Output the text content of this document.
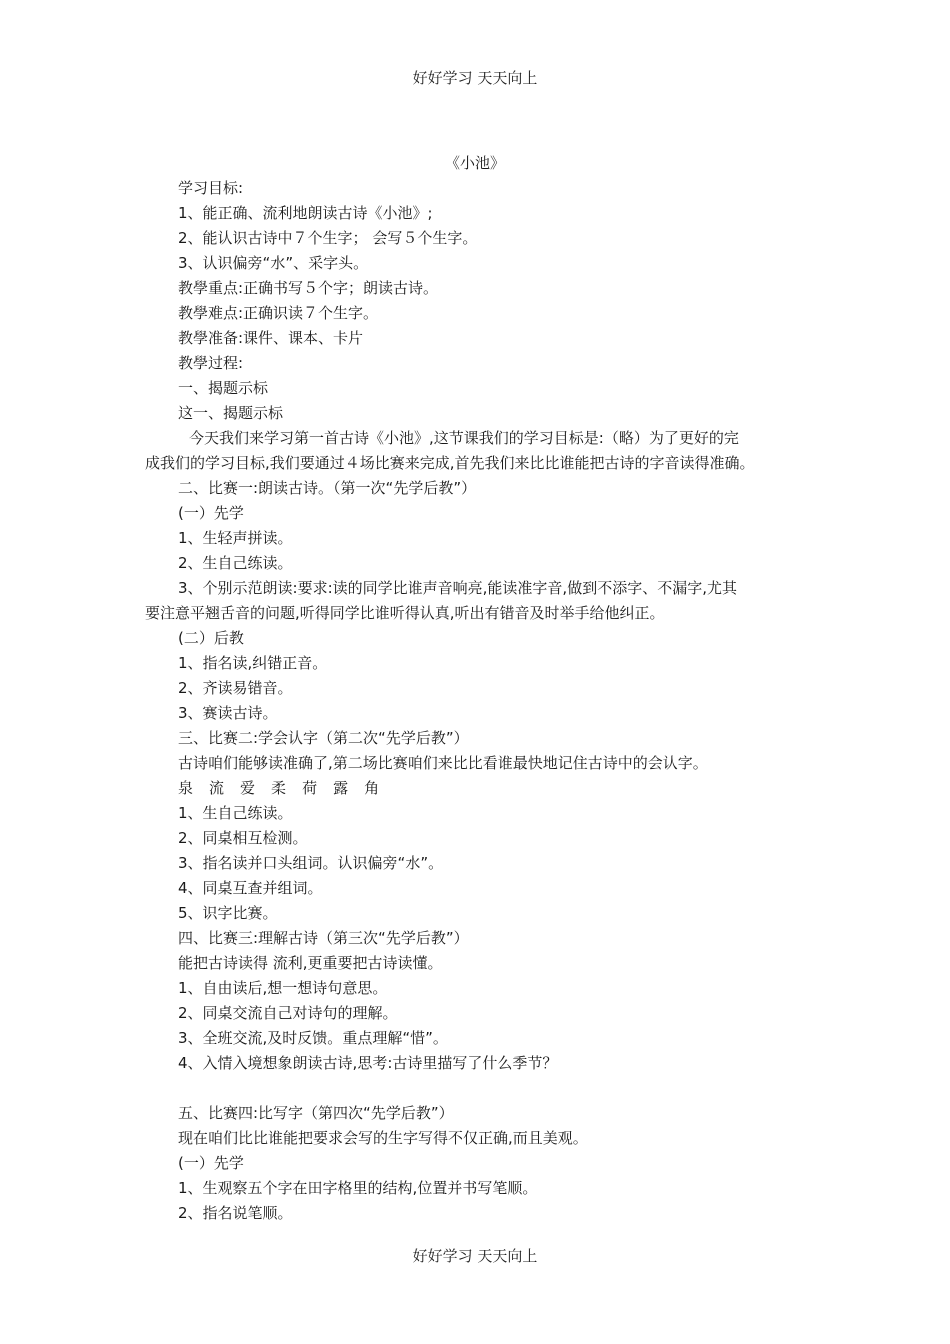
好好学习 天天向上
《小池》
学习目标:
1、能正确、流利地朗读古诗《小池》;
2、能认识古诗中７个生字； 会写５个生字。
3、认识偏旁“水”、采字头。
教學重点:正确书写５个字；朗读古诗。
教學难点:正确识读７个生字。
教學准备:课件、课本、卡片
教學过程:
一、揭题示标
这一、揭题示标
今天我们来学习第一首古诗《小池》,这节课我们的学习目标是:（略）为了更好的完
成我们的学习目标,我们要通过４场比赛来完成,首先我们来比比谁能把古诗的字音读得准确。
二、比赛一:朗读古诗。（第一次“先学后教”）
(一）先学
1、生轻声拼读。
2、生自己练读。
3、个别示范朗读:要求:读的同学比谁声音响亮,能读准字音,做到不添字、不漏字,尤其
要注意平翘舌音的问题,听得同学比谁听得认真,听出有错音及时举手给他纠正。
(二）后教
1、指名读,纠错正音。
2、齐读易错音。
3、赛读古诗。
三、比赛二:学会认字（第二次“先学后教”）
古诗咱们能够读准确了,第二场比赛咱们来比比看谁最快地记住古诗中的会认字。
泉 流 爱 柔 荷 露 角
1、生自己练读。
2、同桌相互检测。
3、指名读并口头组词。认识偏旁“水”。
4、同桌互查并组词。
5、识字比赛。
四、比赛三:理解古诗（第三次“先学后教”）
能把古诗读得 流利,更重要把古诗读懂。
1、自由读后,想一想诗句意思。
2、同桌交流自己对诗句的理解。
3、全班交流,及时反馈。重点理解“惜”。
4、入情入境想象朗读古诗,思考:古诗里描写了什么季节？
五、比赛四:比写字（第四次“先学后教”）
现在咱们比比谁能把要求会写的生字写得不仅正确,而且美观。
(一）先学
1、生观察五个字在田字格里的结构,位置并书写笔顺。
2、指名说笔顺。
好好学习 天天向上
